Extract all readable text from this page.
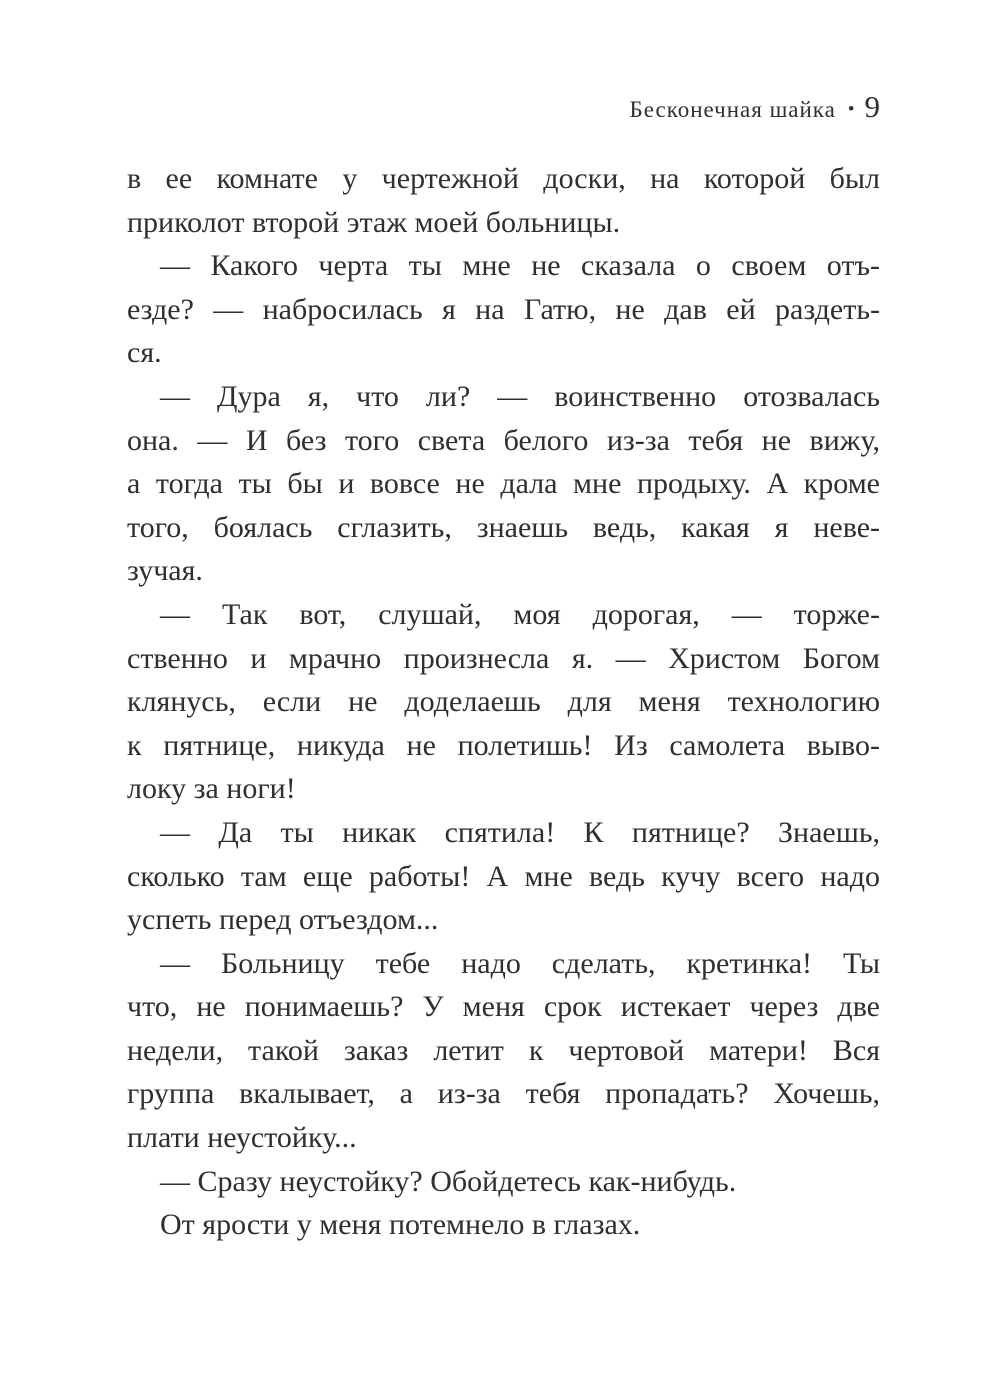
Бесконечная шайка • 9
в ее комнате у чертежной доски, на которой был
приколот второй этаж моей больницы.
— Какого черта ты мне не сказала о своем отъ-
езде? — набросилась я на Гатю, не дав ей раздеть-
ся.
— Дура я, что ли? — воинственно отозвалась
она. — И без того света белого из-за тебя не вижу,
а тогда ты бы и вовсе не дала мне продыху. А кроме
того, боялась сглазить, знаешь ведь, какая я неве-
зучая.
— Так вот, слушай, моя дорогая, — торже-
ственно и мрачно произнесла я. — Христом Богом
клянусь, если не доделаешь для меня технологию
к пятнице, никуда не полетишь! Из самолета выво-
локу за ноги!
— Да ты никак спятила! К пятнице? Знаешь,
сколько там еще работы! А мне ведь кучу всего надо
успеть перед отъездом...
— Больницу тебе надо сделать, кретинка! Ты
что, не понимаешь? У меня срок истекает через две
недели, такой заказ летит к чертовой матери! Вся
группа вкалывает, а из-за тебя пропадать? Хочешь,
плати неустойку...
— Сразу неустойку? Обойдетесь как-нибудь.
От ярости у меня потемнело в глазах.
